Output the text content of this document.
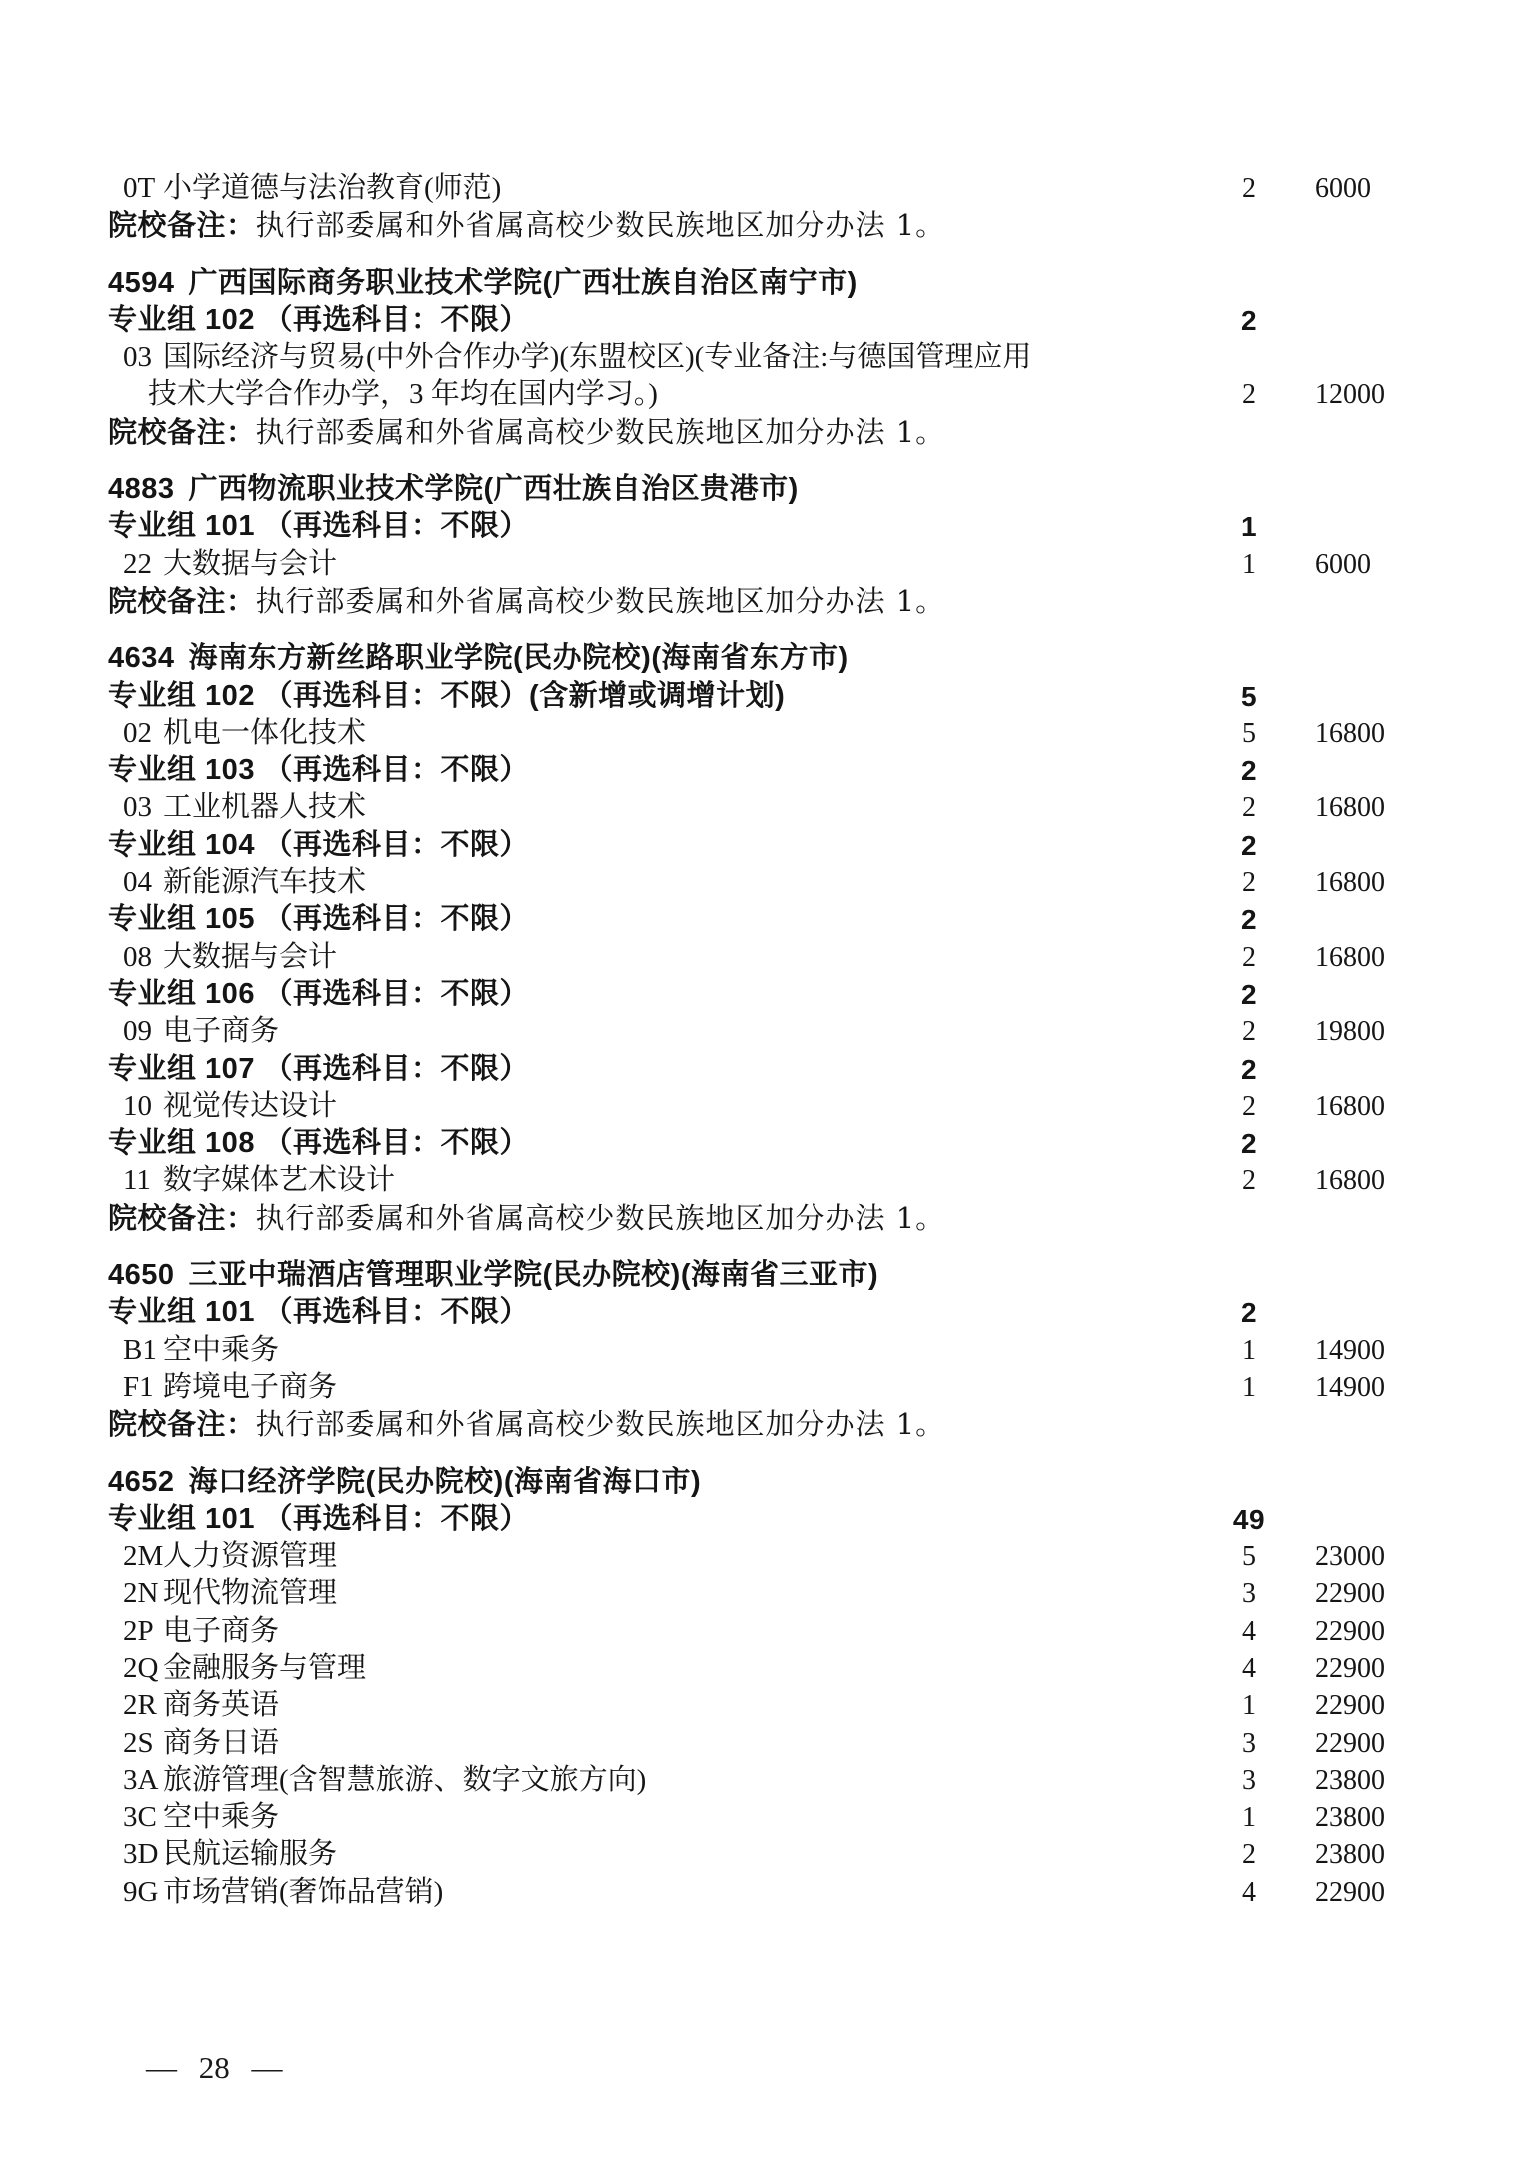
0T 小学道德与法治教育(师范)	2	6000
院校备注：执行部委属和外省属高校少数民族地区加分办法 1。
4594 广西国际商务职业技术学院(广西壮族自治区南宁市)
专业组 102 （再选科目：不限）	2
03 国际经济与贸易(中外合作办学)(东盟校区)(专业备注:与德国管理应用
技术大学合作办学，3 年均在国内学习。)	2	12000
院校备注：执行部委属和外省属高校少数民族地区加分办法 1。
4883 广西物流职业技术学院(广西壮族自治区贵港市)
专业组 101 （再选科目：不限）	1
22 大数据与会计	1	6000
院校备注：执行部委属和外省属高校少数民族地区加分办法 1。
4634 海南东方新丝路职业学院(民办院校)(海南省东方市)
专业组 102 （再选科目：不限）(含新增或调增计划)	5
02 机电一体化技术	5	16800
专业组 103 （再选科目：不限）	2
03 工业机器人技术	2	16800
专业组 104 （再选科目：不限）	2
04 新能源汽车技术	2	16800
专业组 105 （再选科目：不限）	2
08 大数据与会计	2	16800
专业组 106 （再选科目：不限）	2
09 电子商务	2	19800
专业组 107 （再选科目：不限）	2
10 视觉传达设计	2	16800
专业组 108 （再选科目：不限）	2
11 数字媒体艺术设计	2	16800
院校备注：执行部委属和外省属高校少数民族地区加分办法 1。
4650 三亚中瑞酒店管理职业学院(民办院校)(海南省三亚市)
专业组 101 （再选科目：不限）	2
B1 空中乘务	1	14900
F1 跨境电子商务	1	14900
院校备注：执行部委属和外省属高校少数民族地区加分办法 1。
4652 海口经济学院(民办院校)(海南省海口市)
专业组 101 （再选科目：不限）	49
2M人力资源管理	5	23000
2N 现代物流管理	3	22900
2P 电子商务	4	22900
2Q 金融服务与管理	4	22900
2R 商务英语	1	22900
2S 商务日语	3	22900
3A 旅游管理(含智慧旅游、数字文旅方向)	3	23800
3C 空中乘务	1	23800
3D 民航运输服务	2	23800
9G 市场营销(奢饰品营销)	4	22900
— 28 —
